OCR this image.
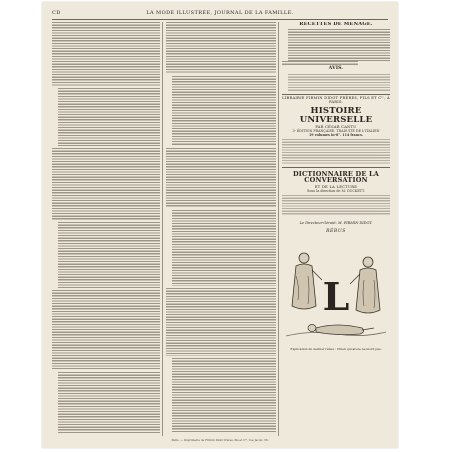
CD	LA MODE ILLUSTRÉE, JOURNAL DE LA FAMILLE.
RECETTES DE MÉNAGE.
AVIS.
LIBRAIRIE FIRMIN DIDOT FRÈRES, FILS ET Cⁱᵉ, À PARIS.
HISTOIRE UNIVERSELLE
PAR CÉSAR CANTU
3ᵉ ÉDITION FRANÇAISE, TRADUITE DE L'ITALIEN
19 volumes in-8°. 114 francs.
DICTIONNAIRE DE LA CONVERSATION
ET DE LA LECTURE
Sous la direction de M. DUCKETT.
Le Directeur-Gérant: M. FIRMIN-DIDOT.
RÉBUS
L
Explication du dernier rébus : Chien qui aboie ne mord pas.
Paris. — Imprimerie de Firmin Didot frères, fils et Cⁱᵉ, rue Jacob, 56.
